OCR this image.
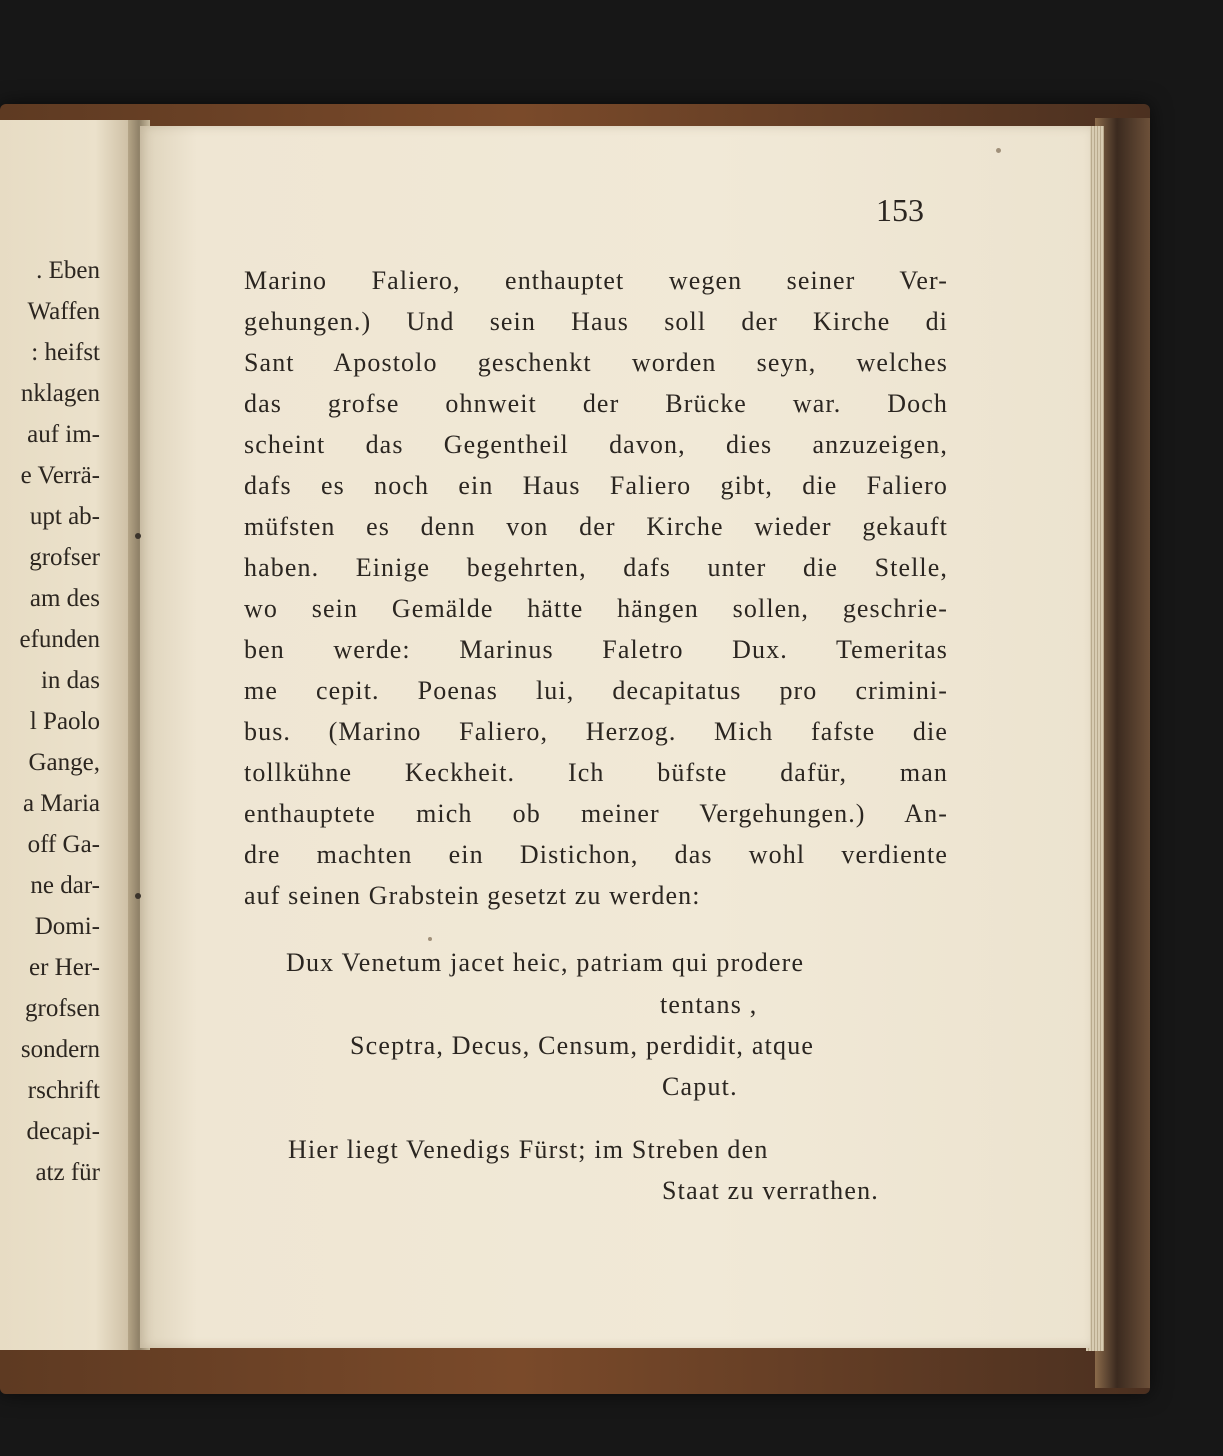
. Eben
Waffen
: heifst
nklagen
auf im-
e Verrä-
upt ab-
grofser
am des
efunden
in das
l Paolo
Gange,
a Maria
off Ga-
ne dar-
Domi-
er Her-
grofsen
sondern
rschrift
decapi-
atz für
153
Marino Faliero, enthauptet wegen seiner Ver-
gehungen.) Und sein Haus soll der Kirche di
Sant Apostolo geschenkt worden seyn, welches
das grofse ohnweit der Brücke war. Doch
scheint das Gegentheil davon, dies anzuzeigen,
dafs es noch ein Haus Faliero gibt, die Faliero
müfsten es denn von der Kirche wieder gekauft
haben. Einige begehrten, dafs unter die Stelle,
wo sein Gemälde hätte hängen sollen, geschrie-
ben werde: Marinus Faletro Dux. Temeritas
me cepit. Poenas lui, decapitatus pro crimini-
bus. (Marino Faliero, Herzog. Mich fafste die
tollkühne Keckheit. Ich büfste dafür, man
enthauptete mich ob meiner Vergehungen.) An-
dre machten ein Distichon, das wohl verdiente
auf seinen Grabstein gesetzt zu werden:
Dux Venetum jacet heic, patriam qui prodere
tentans ,
Sceptra, Decus, Censum, perdidit, atque
Caput.
Hier liegt Venedigs Fürst; im Streben den
Staat zu verrathen.
